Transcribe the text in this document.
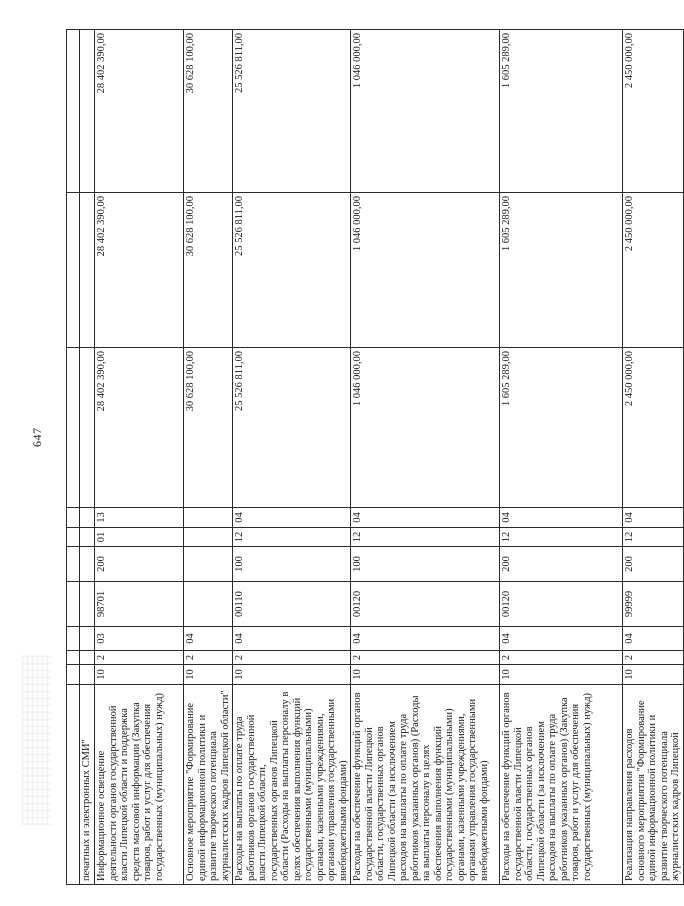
647

печатных и электронных СМИ"										
Информационное освещение деятельности органов государственной власти Липецкой области и поддержка средств массовой информации (Закупка товаров, работ и услуг для обеспечения государственных (муниципальных) нужд)	10	2	03	98701	200	01	13	28 402 390,00	28 402 390,00	28 402 390,00
Основное мероприятие "Формирование единой информационной политики и развитие творческого потенциала журналистских кадров Липецкой области"	10	2	04					30 628 100,00	30 628 100,00	30 628 100,00
Расходы на выплаты по оплате труда работников органов государственной власти Липецкой области, государственных органов Липецкой области (Расходы на выплаты персоналу в целях обеспечения выполнения функций государственными (муниципальными) органами, казенными учреждениями, органами управления государственными внебюджетными фондами)	10	2	04	00110	100	12	04	25 526 811,00	25 526 811,00	25 526 811,00
Расходы на обеспечение функций органов государственной власти Липецкой области, государственных органов Липецкой области (за исключением расходов на выплаты по оплате труда работников указанных органов) (Расходы на выплаты персоналу в целях обеспечения выполнения функций государственными (муниципальными) органами, казенными учреждениями, органами управления государственными внебюджетными фондами)	10	2	04	00120	100	12	04	1 046 000,00	1 046 000,00	1 046 000,00
Расходы на обеспечение функций органов государственной власти Липецкой области, государственных органов Липецкой области (за исключением расходов на выплаты по оплате труда работников указанных органов) (Закупка товаров, работ и услуг для обеспечения государственных (муниципальных) нужд)	10	2	04	00120	200	12	04	1 605 289,00	1 605 289,00	1 605 289,00
Реализация направления расходов основного мероприятия "Формирование единой информационной политики и развитие творческого потенциала журналистских кадров Липецкой	10	2	04	99999	200	12	04	2 450 000,00	2 450 000,00	2 450 000,00
